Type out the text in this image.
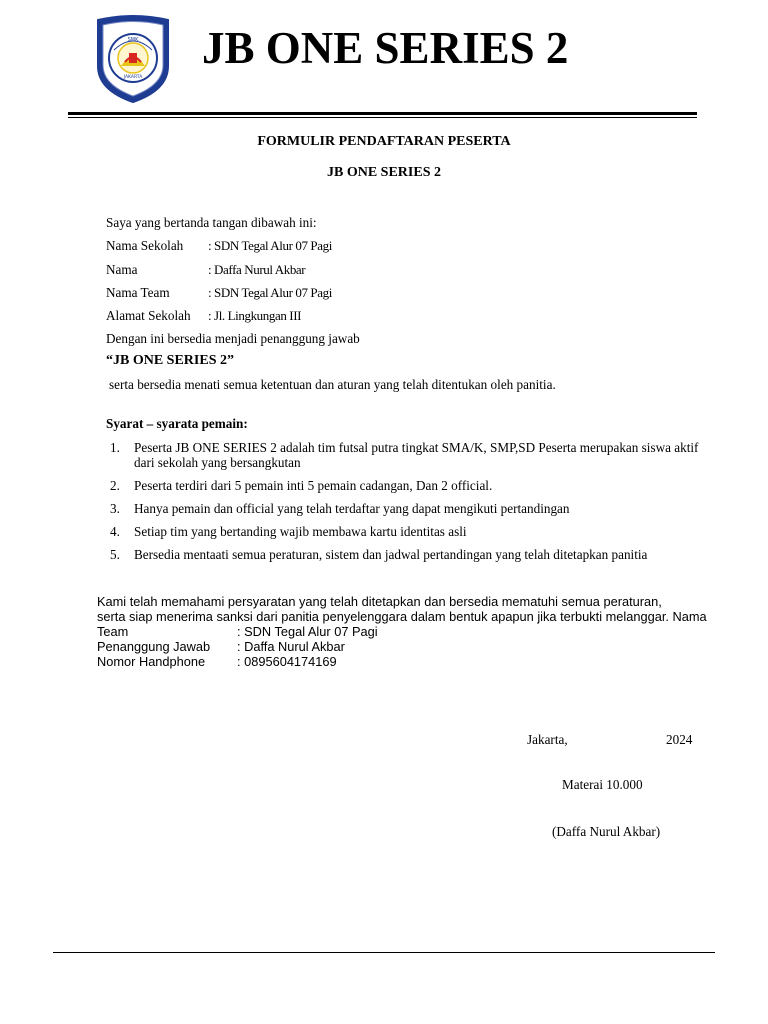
SMK
JAKARTA
JB ONE SERIES 2
FORMULIR PENDAFTARAN PESERTA
JB ONE SERIES 2
Saya yang bertanda tangan dibawah ini:
Nama Sekolah : SDN Tegal Alur 07 Pagi
Nama	: Daffa Nurul Akbar
Nama Team	: SDN Tegal Alur 07 Pagi
Alamat Sekolah : Jl. Lingkungan III
Dengan ini bersedia menjadi penanggung jawab
“JB ONE SERIES 2”
serta bersedia menati semua ketentuan dan aturan yang telah ditentukan oleh panitia.
Syarat – syarata pemain:
1. Peserta JB ONE SERIES 2 adalah tim futsal putra tingkat SMA/K, SMP,SD Peserta merupakan siswa aktif dari sekolah yang bersangkutan
2. Peserta terdiri dari 5 pemain inti 5 pemain cadangan, Dan 2 official.
3. Hanya pemain dan official yang telah terdaftar yang dapat mengikuti pertandingan
4. Setiap tim yang bertanding wajib membawa kartu identitas asli
5. Bersedia mentaati semua peraturan, sistem dan jadwal pertandingan yang telah ditetapkan panitia
Kami telah memahami persyaratan yang telah ditetapkan dan bersedia mematuhi semua peraturan,
serta siap menerima sanksi dari panitia penyelenggara dalam bentuk apapun jika terbukti melanggar. Nama
Team	: SDN Tegal Alur 07 Pagi
Penanggung Jawab : Daffa Nurul Akbar
Nomor Handphone : 0895604174169
Jakarta,	2024
Materai 10.000
(Daffa Nurul Akbar)
